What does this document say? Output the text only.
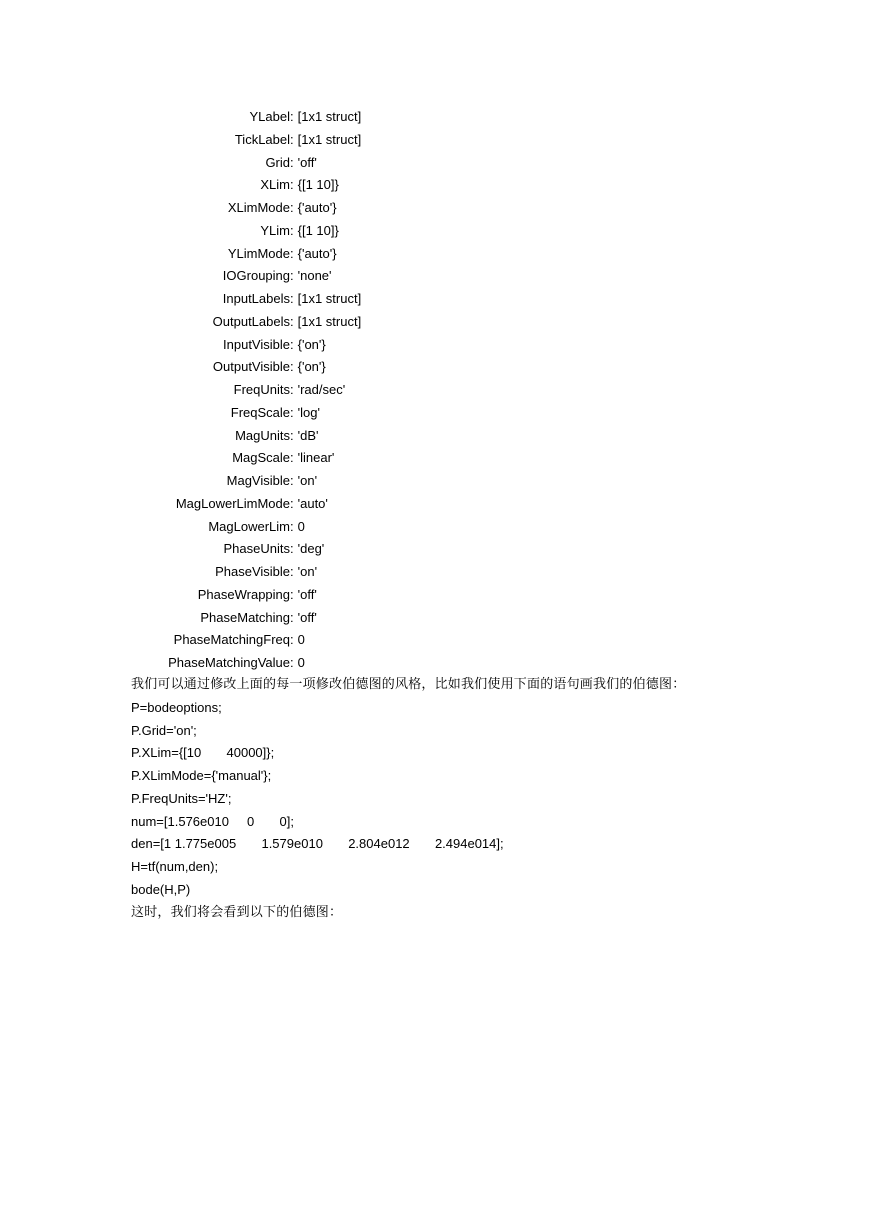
YLabel : [1x1 struct]
TickLabel : [1x1 struct]
Grid : 'off'
XLim : {[1 10]}
XLimMode : {'auto'}
YLim : {[1 10]}
YLimMode : {'auto'}
IOGrouping : 'none'
InputLabels : [1x1 struct]
OutputLabels : [1x1 struct]
InputVisible : {'on'}
OutputVisible : {'on'}
FreqUnits : 'rad/sec'
FreqScale : 'log'
MagUnits : 'dB'
MagScale : 'linear'
MagVisible : 'on'
MagLowerLimMode : 'auto'
MagLowerLim : 0
PhaseUnits : 'deg'
PhaseVisible : 'on'
PhaseWrapping : 'off'
PhaseMatching : 'off'
PhaseMatchingFreq : 0
PhaseMatchingValue : 0
我们可以通过修改上面的每一项修改伯德图的风格，比如我们使用下面的语句画我们的伯德图：
P=bodeoptions;
P.Grid='on';
P.XLim={[10       40000]};
P.XLimMode={'manual'};
P.FreqUnits='HZ';
num=[1.576e010     0       0];
den=[1 1.775e005       1.579e010       2.804e012       2.494e014];
H=tf(num,den);
bode(H,P)
这时，我们将会看到以下的伯德图：
